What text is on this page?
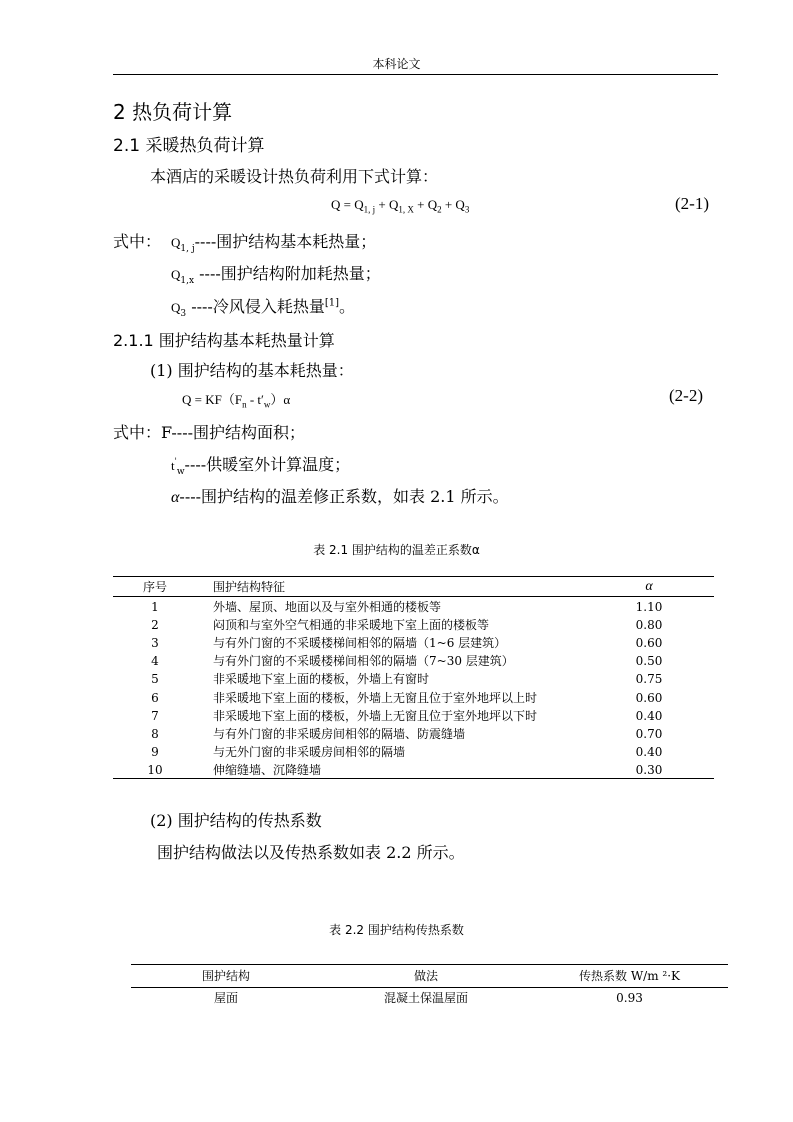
本科论文
2 热负荷计算
2.1 采暖热负荷计算
本酒店的采暖设计热负荷利用下式计算：
$Q = Q_{1, j} + Q_{1, X} + Q_2 + Q_3$	(2-1)
式中： $Q_{1, j}----$围护结构基本耗热量；
$Q_{1,x}$ ----围护结构附加耗热量；
$Q_3$ ----冷风侵入耗热量[1]。
2.1.1 围护结构基本耗热量计算
(1) 围护结构的基本耗热量：
$Q = KF(F_n - t'_w)\alpha$	(2-2)
式中：F----围护结构面积；
$t'_w----$供暖室外计算温度；
α----围护结构的温差修正系数，如表 2.1 所示。
表 2.1 围护结构的温差正系数α
序号	围护结构特征	α

1	外墙、屋顶、地面以及与室外相通的楼板等	1.10
2	闷顶和与室外空气相通的非采暖地下室上面的楼板等	0.80
3	与有外门窗的不采暖楼梯间相邻的隔墙（1~6 层建筑）	0.60
4	与有外门窗的不采暖楼梯间相邻的隔墙（7~30 层建筑）	0.50
5	非采暖地下室上面的楼板，外墙上有窗时	0.75
6	非采暖地下室上面的楼板，外墙上无窗且位于室外地坪以上时	0.60
7	非采暖地下室上面的楼板，外墙上无窗且位于室外地坪以下时	0.40
8	与有外门窗的非采暖房间相邻的隔墙、防震缝墙	0.70
9	与无外门窗的非采暖房间相邻的隔墙	0.40
10	伸缩缝墙、沉降缝墙	0.30
(2) 围护结构的传热系数
围护结构做法以及传热系数如表 2.2 所示。
表 2.2 围护结构传热系数
围护结构	做法	传热系数 W/m ²·K
屋面	混凝土保温屋面	0.93
